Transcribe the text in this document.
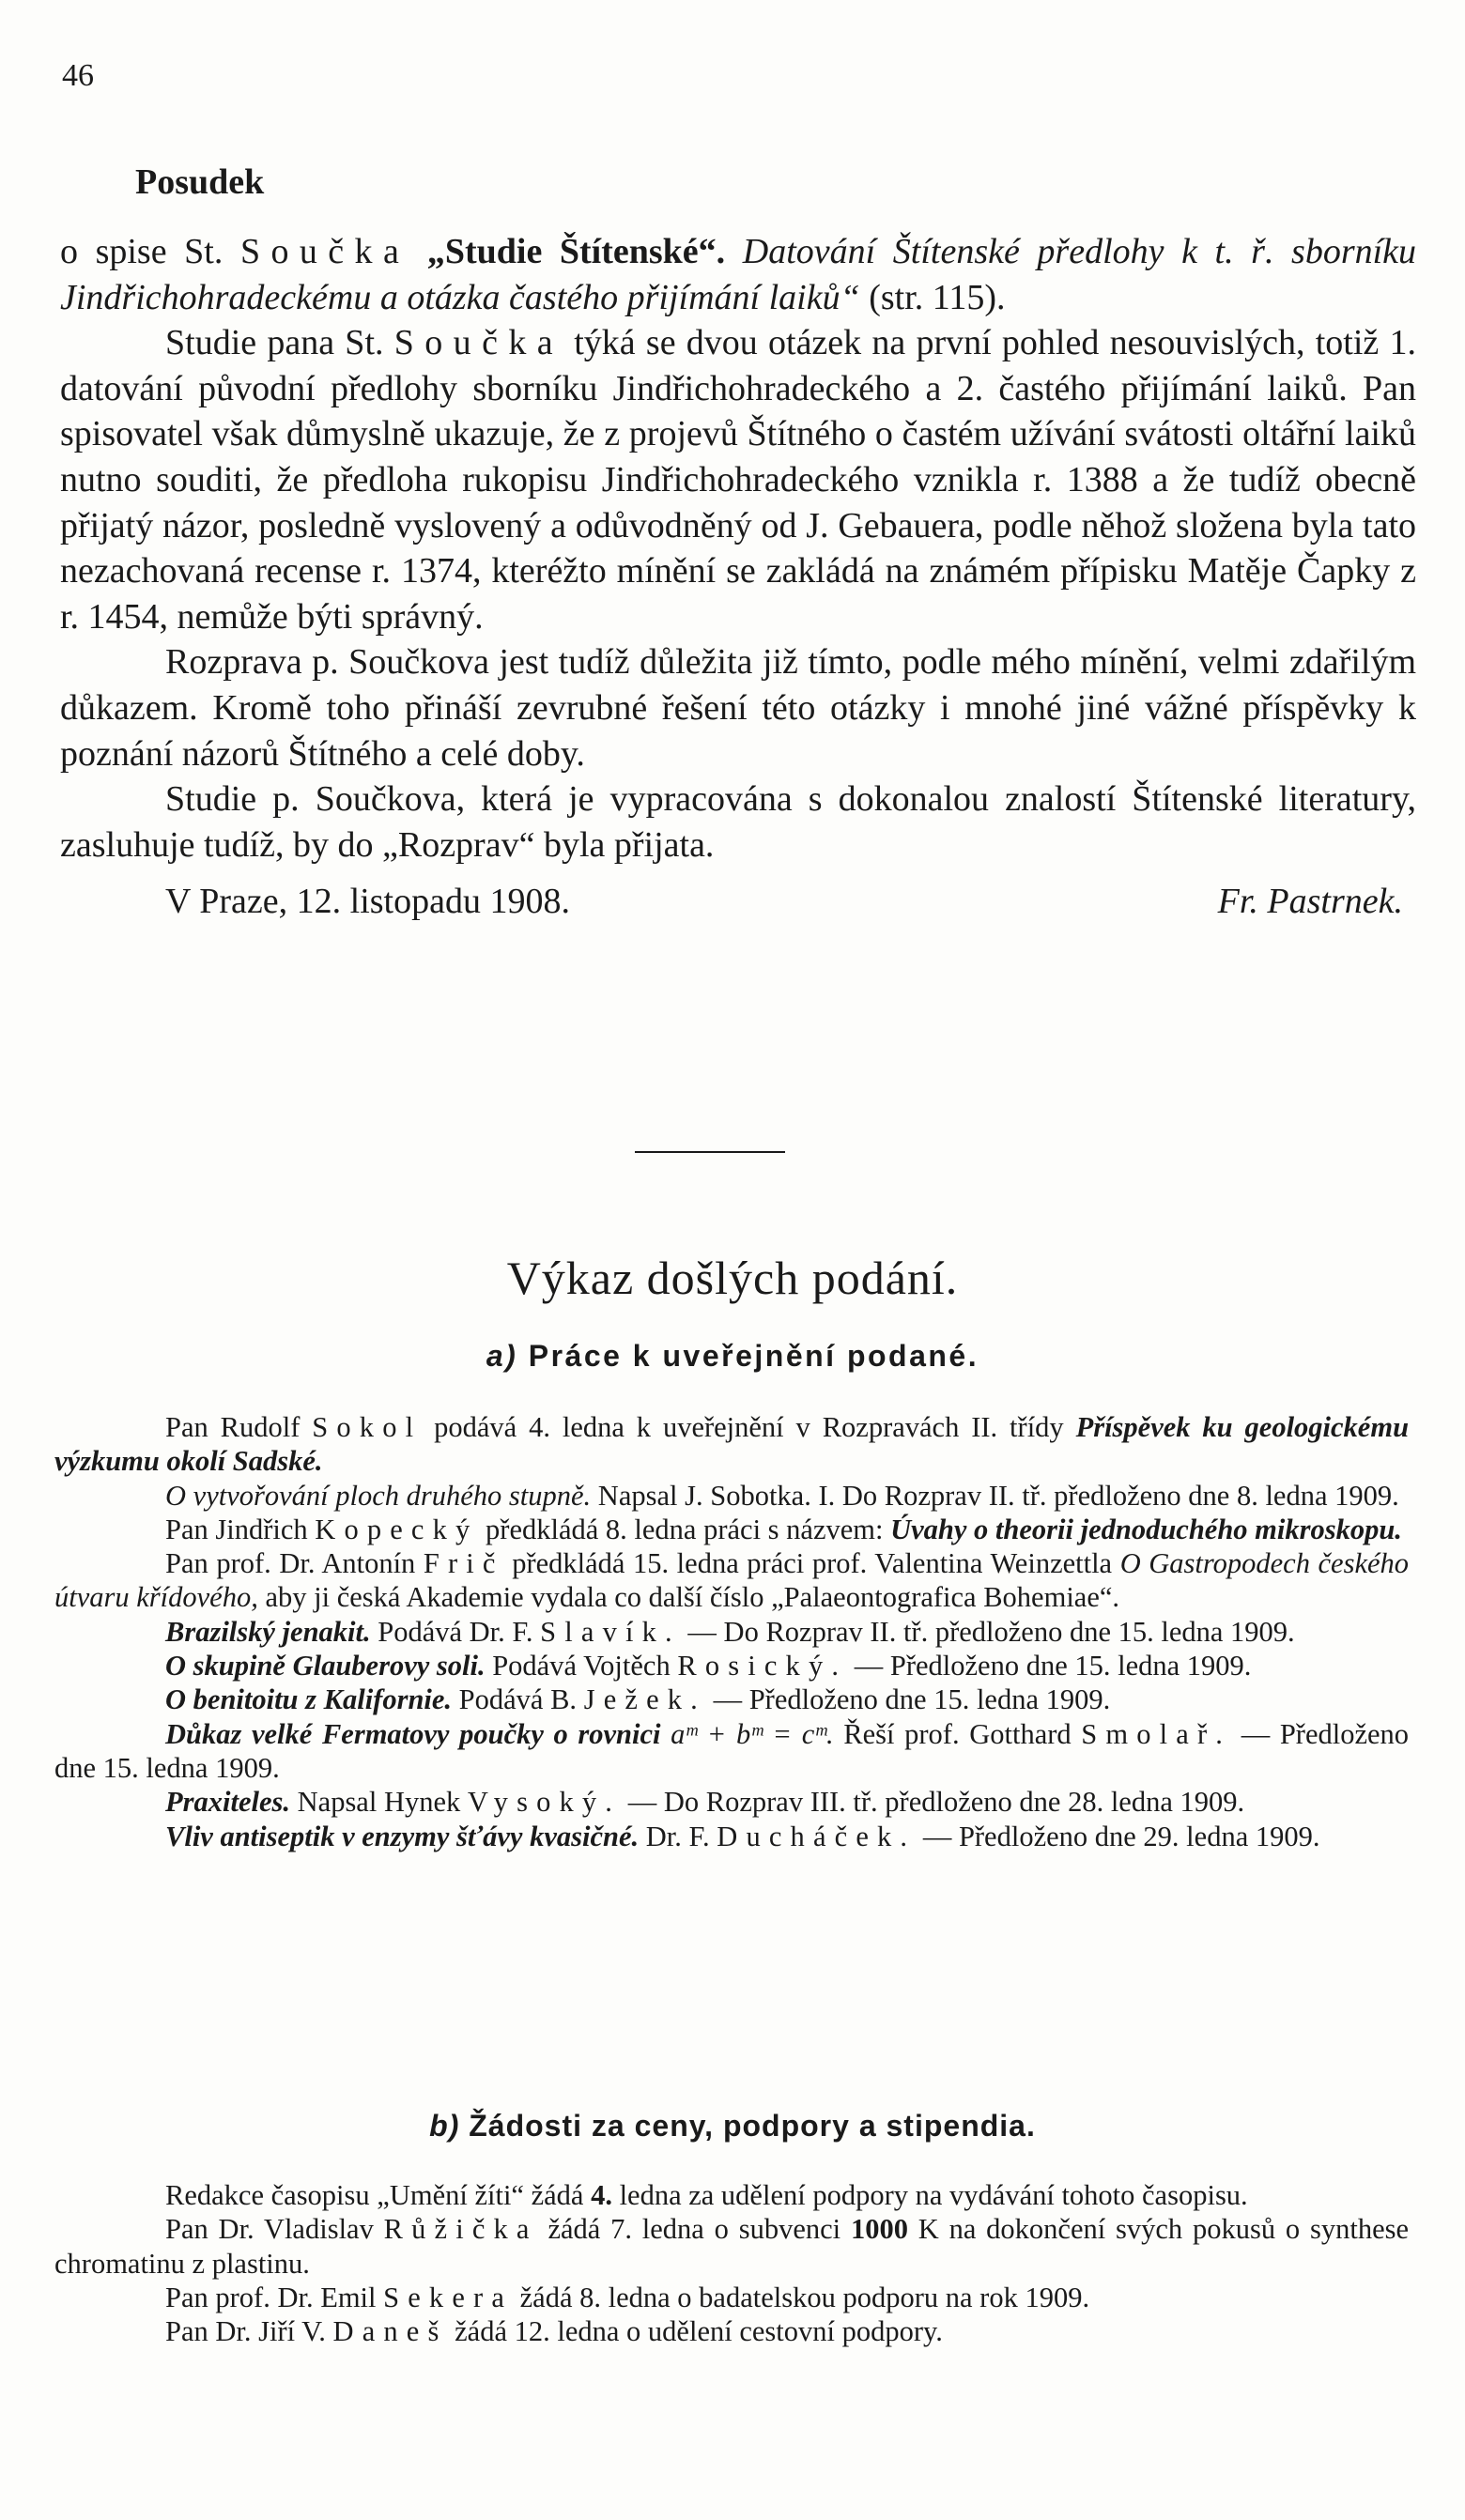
46

Posudek

o spise St. Součka „Studie Štítenské“. Datování Štítenské předlohy k t. ř. sborníku Jindřichohradeckému a otázka častého přijímání laiků“ (str. 115).

Studie pana St. Součka týká se dvou otázek na první pohled nesouvislých, totiž 1. datování původní předlohy sborníku Jindřichohradeckého a 2. častého přijímání laiků. Pan spisovatel však důmyslně ukazuje, že z projevů Štítného o častém užívání svátosti oltářní laiků nutno souditi, že předloha rukopisu Jindřichohradeckého vznikla r. 1388 a že tudíž obecně přijatý názor, posledně vyslovený a odůvodněný od J. Gebauera, podle něhož složena byla tato nezachovaná recense r. 1374, kteréžto mínění se zakládá na známém přípisku Matěje Čapky z r. 1454, nemůže býti správný.

Rozprava p. Součkova jest tudíž důležita již tímto, podle mého mínění, velmi zdařilým důkazem. Kromě toho přináší zevrubné řešení této otázky i mnohé jiné vážné příspěvky k poznání názorů Štítného a celé doby.

Studie p. Součkova, která je vypracována s dokonalou znalostí Štítenské literatury, zasluhuje tudíž, by do „Rozprav“ byla přijata.

V Praze, 12. listopadu 1908.	Fr. Pastrnek.

Výkaz došlých podání.

a) Práce k uveřejnění podané.

Pan Rudolf Sokol podává 4. ledna k uveřejnění v Rozpravách II. třídy Příspěvek ku geologickému výzkumu okolí Sadské.

O vytvořování ploch druhého stupně. Napsal J. Sobotka. I. Do Rozprav II. tř. předloženo dne 8. ledna 1909.

Pan Jindřich Kopecký předkládá 8. ledna práci s názvem: Úvahy o theorii jednoduchého mikroskopu.

Pan prof. Dr. Antonín Frič předkládá 15. ledna práci prof. Valentina Weinzettla O Gastropodech českého útvaru křídového, aby ji česká Akademie vydala co další číslo „Palaeontografica Bohemiae“.

Brazilský jenakit. Podává Dr. F. Slavík. — Do Rozprav II. tř. předloženo dne 15. ledna 1909.

O skupině Glauberovy soli. Podává Vojtěch Rosický. — Předloženo dne 15. ledna 1909.

O benitoitu z Kalifornie. Podává B. Ježek. — Předloženo dne 15. ledna 1909.

Důkaz velké Fermatovy poučky o rovnici aᵐ + bᵐ = cᵐ. Řeší prof. Gotthard Smolař. — Předloženo dne 15. ledna 1909.

Praxiteles. Napsal Hynek Vysoký. — Do Rozprav III. tř. předloženo dne 28. ledna 1909.

Vliv antiseptik v enzymy šťávy kvasičné. Dr. F. Ducháček. — Předloženo dne 29. ledna 1909.

b) Žádosti za ceny, podpory a stipendia.

Redakce časopisu „Umění žíti“ žádá 4. ledna za udělení podpory na vydávání tohoto časopisu.

Pan Dr. Vladislav Růžička žádá 7. ledna o subvenci 1000 K na dokončení svých pokusů o synthese chromatinu z plastinu.

Pan prof. Dr. Emil Sekera žádá 8. ledna o badatelskou podporu na rok 1909.

Pan Dr. Jiří V. Daneš žádá 12. ledna o udělení cestovní podpory.
